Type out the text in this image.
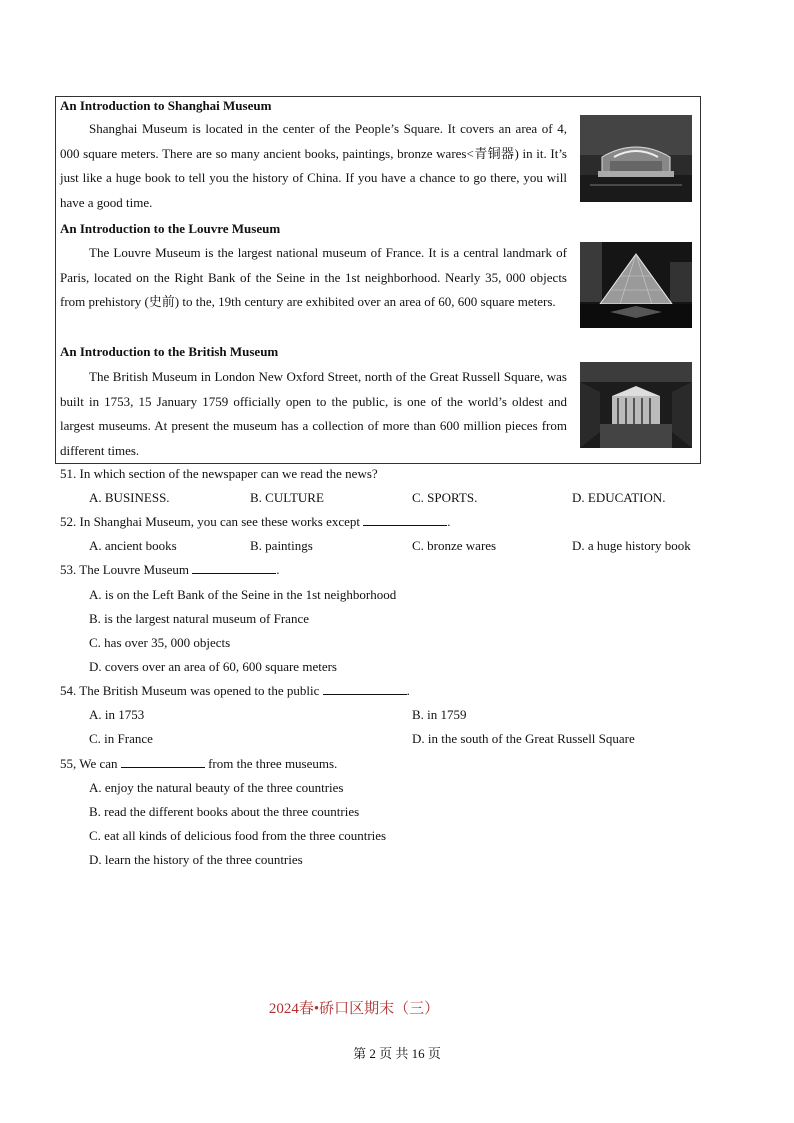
An Introduction to Shanghai Museum
Shanghai Museum is located in the center of the People’s Square. It covers an area of 4, 000 square meters. There are so many ancient books, paintings, bronze wares<青铜器) in it. It’s just like a huge book to tell you the history of China. If you have a chance to go there, you will have a good time.
An Introduction to the Louvre Museum
The Louvre Museum is the largest national museum of France. It is a central landmark of Paris, located on the Right Bank of the Seine in the 1st neighborhood. Nearly 35, 000 objects from prehistory (史前) to the, 19th century are exhibited over an area of 60, 600 square meters.
An Introduction to the British Museum
The British Museum in London New Oxford Street, north of the Great Russell Square, was built in 1753, 15 January 1759 officially open to the public, is one of the world’s oldest and largest museums. At present the museum has a collection of more than 600 million pieces from different times.
51. In which section of the newspaper can we read the news?
A. BUSINESS.	B. CULTURE	C. SPORTS.	D. EDUCATION.
52. In Shanghai Museum, you can see these works except	.
A. ancient books	B. paintings	C. bronze wares	D. a huge history book
53. The Louvre Museum	.
A. is on the Left Bank of the Seine in the 1st neighborhood
B. is the largest natural museum of France
C. has over 35, 000 objects
D. covers over an area of 60, 600 square meters
54. The British Museum was opened to the public	.
A. in 1753	B. in 1759
C. in France	D. in the south of the Great Russell Square
55, We can	from the three museums.
A. enjoy the natural beauty of the three countries
B. read the different books about the three countries
C. eat all kinds of delicious food from the three countries
D. learn the history of the three countries
2024春•硚口区期末（三）
第 2 页 共 16 页
